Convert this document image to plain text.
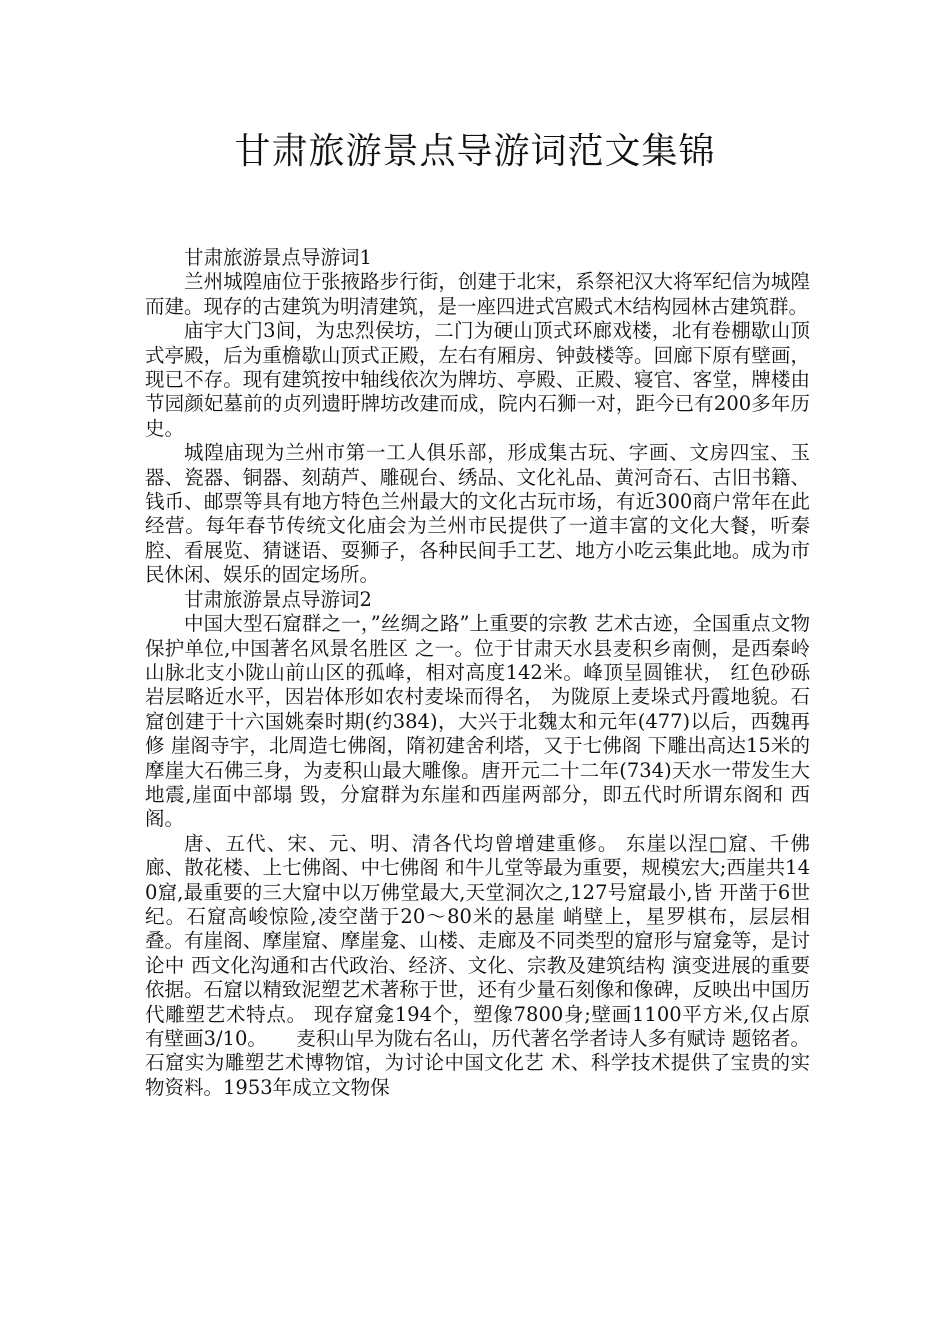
甘肃旅游景点导游词范文集锦

甘肃旅游景点导游词1

兰州城隍庙位于张掖路步行街，创建于北宋，系祭祀汉大将军纪信为城隍而建。现存的古建筑为明清建筑，是一座四进式宫殿式木结构园林古建筑群。

庙宇大门3间，为忠烈侯坊，二门为硬山顶式环廊戏楼，北有卷棚歇山顶式亭殿，后为重檐歇山顶式正殿，左右有厢房、钟鼓楼等。回廊下原有壁画，现已不存。现有建筑按中轴线依次为牌坊、亭殿、正殿、寝官、客堂，牌楼由节园颜妃墓前的贞列遗盱牌坊改建而成，院内石狮一对，距今已有200多年历史。

城隍庙现为兰州市第一工人俱乐部，形成集古玩、字画、文房四宝、玉器、瓷器、铜器、刻葫芦、雕砚台、绣品、文化礼品、黄河奇石、古旧书籍、钱币、邮票等具有地方特色兰州最大的文化古玩市场，有近300商户常年在此经营。每年春节传统文化庙会为兰州市民提供了一道丰富的文化大餐，听秦腔、看展览、猜谜语、耍狮子，各种民间手工艺、地方小吃云集此地。成为市民休闲、娱乐的固定场所。

甘肃旅游景点导游词2

中国大型石窟群之一，”丝绸之路”上重要的宗教 艺术古迹，全国重点文物保护单位,中国著名风景名胜区 之一。位于甘肃天水县麦积乡南侧，是西秦岭山脉北支小陇山前山区的孤峰，相对高度142米。峰顶呈圆锥状， 红色砂砾岩层略近水平，因岩体形如农村麦垛而得名， 为陇原上麦垛式丹霞地貌。石窟创建于十六国姚秦时期(约384)，大兴于北魏太和元年(477)以后，西魏再修 崖阁寺宇，北周造七佛阁，隋初建舍利塔，又于七佛阁 下雕出高达15米的摩崖大石佛三身，为麦积山最大雕像。唐开元二十二年(734)天水一带发生大地震,崖面中部塌 毁，分窟群为东崖和西崖两部分，即五代时所谓东阁和 西阁。

唐、五代、宋、元、明、清各代均曾增建重修。 东崖以涅□窟、千佛廊、散花楼、上七佛阁、中七佛阁 和牛儿堂等最为重要，规模宏大;西崖共140窟,最重要的三大窟中以万佛堂最大,天堂洞次之,127号窟最小,皆 开凿于6世纪。石窟高峻惊险,凌空凿于20～80米的悬崖 峭壁上，星罗棋布，层层相叠。有崖阁、摩崖窟、摩崖龛、山楼、走廊及不同类型的窟形与窟龛等，是讨论中 西文化沟通和古代政治、经济、文化、宗教及建筑结构 演变进展的重要依据。石窟以精致泥塑艺术著称于世，还有少量石刻像和像碑，反映出中国历代雕塑艺术特点。 现存窟龛194个，塑像7800身;壁画1100平方米,仅占原 有壁画3/10。　　麦积山早为陇右名山，历代著名学者诗人多有赋诗 题铭者。石窟实为雕塑艺术博物馆，为讨论中国文化艺 术、科学技术提供了宝贵的实物资料。1953年成立文物保
